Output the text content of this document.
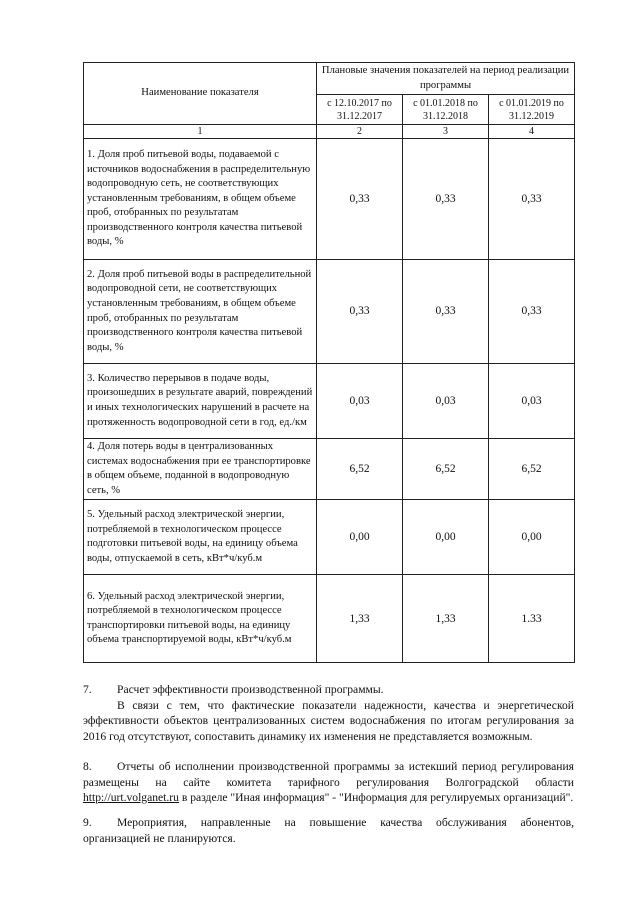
Наименование показателя	Плановые значения показателей на период реализации программы		
	с 12.10.2017 по 31.12.2017	с 01.01.2018 по 31.12.2018	с 01.01.2019 по 31.12.2019
1	2	3	4
1. Доля проб питьевой воды, подаваемой с источников водоснабжения в распределительную водопроводную сеть, не соответствующих установленным требованиям, в общем объеме проб, отобранных по результатам производственного контроля качества питьевой воды, %	0,33	0,33	0,33
2. Доля проб питьевой воды в распределительной водопроводной сети, не соответствующих установленным требованиям, в общем объеме проб, отобранных по результатам производственного контроля качества питьевой воды, %	0,33	0,33	0,33
3. Количество перерывов в подаче воды, произошедших в результате аварий, повреждений и иных технологических нарушений в расчете на протяженность водопроводной сети в год, ед./км	0,03	0,03	0,03
4. Доля потерь воды в централизованных системах водоснабжения при ее транспортировке в общем объеме, поданной в водопроводную сеть, %	6,52	6,52	6,52
5. Удельный расход электрической энергии, потребляемой в технологическом процессе подготовки питьевой воды, на единицу объема воды, отпускаемой в сеть, кВт*ч/куб.м	0,00	0,00	0,00
6. Удельный расход электрической энергии, потребляемой в технологическом процессе транспортировки питьевой воды, на единицу объема транспортируемой воды, кВт*ч/куб.м	1,33	1,33	1.33

7. Расчет эффективности производственной программы.
В связи с тем, что фактические показатели надежности, качества и энергетической эффективности объектов централизованных систем водоснабжения по итогам регулирования за 2016 год отсутствуют, сопоставить динамику их изменения не представляется возможным.

8. Отчеты об исполнении производственной программы за истекший период регулирования размещены на сайте комитета тарифного регулирования Волгоградской области http://urt.volganet.ru в разделе "Иная информация" - "Информация для регулируемых организаций".

9. Мероприятия, направленные на повышение качества обслуживания абонентов, организацией не планируются.
